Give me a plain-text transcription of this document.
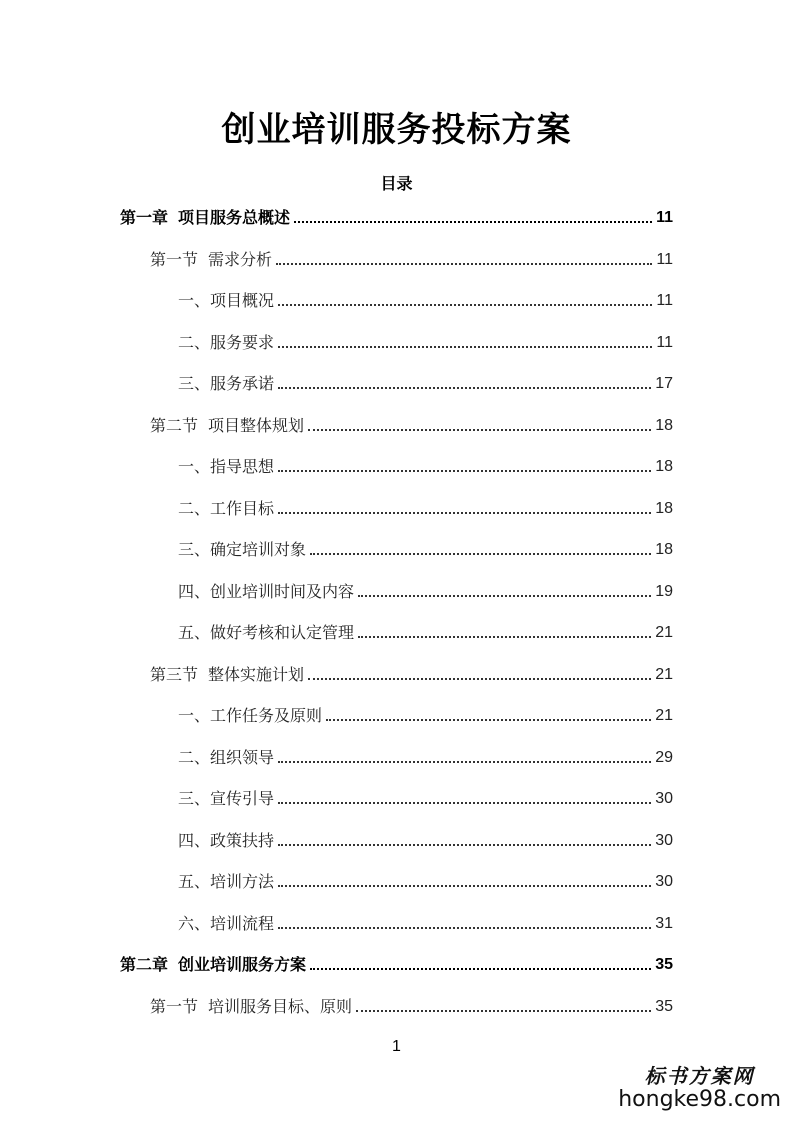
创业培训服务投标方案
目录
第一章 项目服务总概述	11
第一节 需求分析	11
一、项目概况	11
二、服务要求	11
三、服务承诺	17
第二节 项目整体规划	18
一、指导思想	18
二、工作目标	18
三、确定培训对象	18
四、创业培训时间及内容	19
五、做好考核和认定管理	21
第三节 整体实施计划	21
一、工作任务及原则	21
二、组织领导	29
三、宣传引导	30
四、政策扶持	30
五、培训方法	30
六、培训流程	31
第二章 创业培训服务方案	35
第一节 培训服务目标、原则	35
1
标书方案网
hongke98.com
